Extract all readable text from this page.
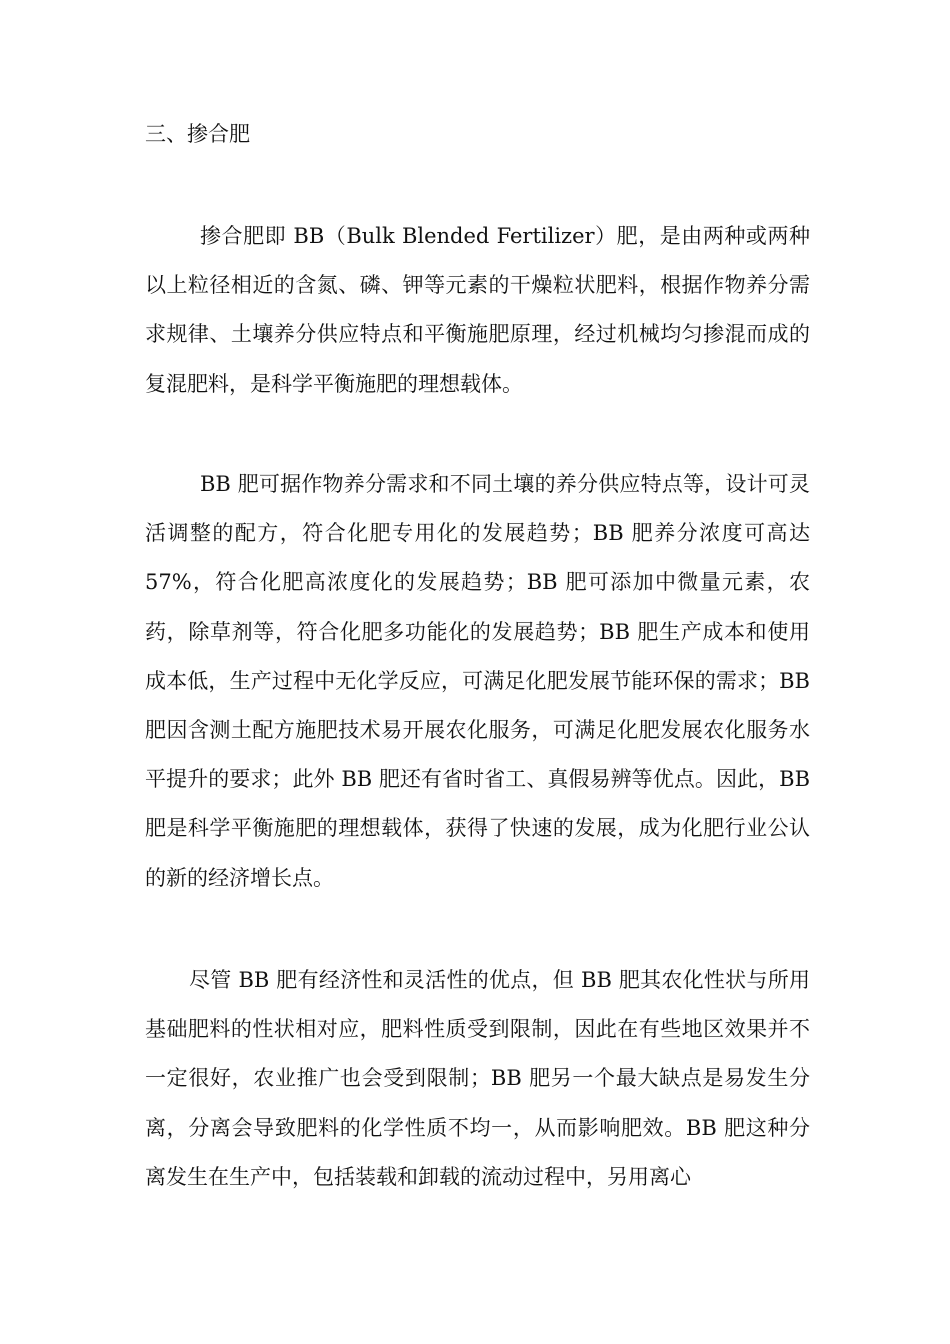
三、掺合肥

掺合肥即 BB（Bulk Blended Fertilizer）肥，是由两种或两种以上粒径相近的含氮、磷、钾等元素的干燥粒状肥料，根据作物养分需求规律、土壤养分供应特点和平衡施肥原理，经过机械均匀掺混而成的复混肥料，是科学平衡施肥的理想载体。

BB 肥可据作物养分需求和不同土壤的养分供应特点等，设计可灵活调整的配方，符合化肥专用化的发展趋势；BB 肥养分浓度可高达 57%，符合化肥高浓度化的发展趋势；BB 肥可添加中微量元素，农药，除草剂等，符合化肥多功能化的发展趋势；BB 肥生产成本和使用成本低，生产过程中无化学反应，可满足化肥发展节能环保的需求；BB 肥因含测土配方施肥技术易开展农化服务，可满足化肥发展农化服务水平提升的要求；此外 BB 肥还有省时省工、真假易辨等优点。因此，BB 肥是科学平衡施肥的理想载体，获得了快速的发展，成为化肥行业公认的新的经济增长点。

尽管 BB 肥有经济性和灵活性的优点，但 BB 肥其农化性状与所用基础肥料的性状相对应，肥料性质受到限制，因此在有些地区效果并不一定很好，农业推广也会受到限制；BB 肥另一个最大缺点是易发生分离，分离会导致肥料的化学性质不均一，从而影响肥效。BB 肥这种分离发生在生产中，包括装载和卸载的流动过程中，另用离心
